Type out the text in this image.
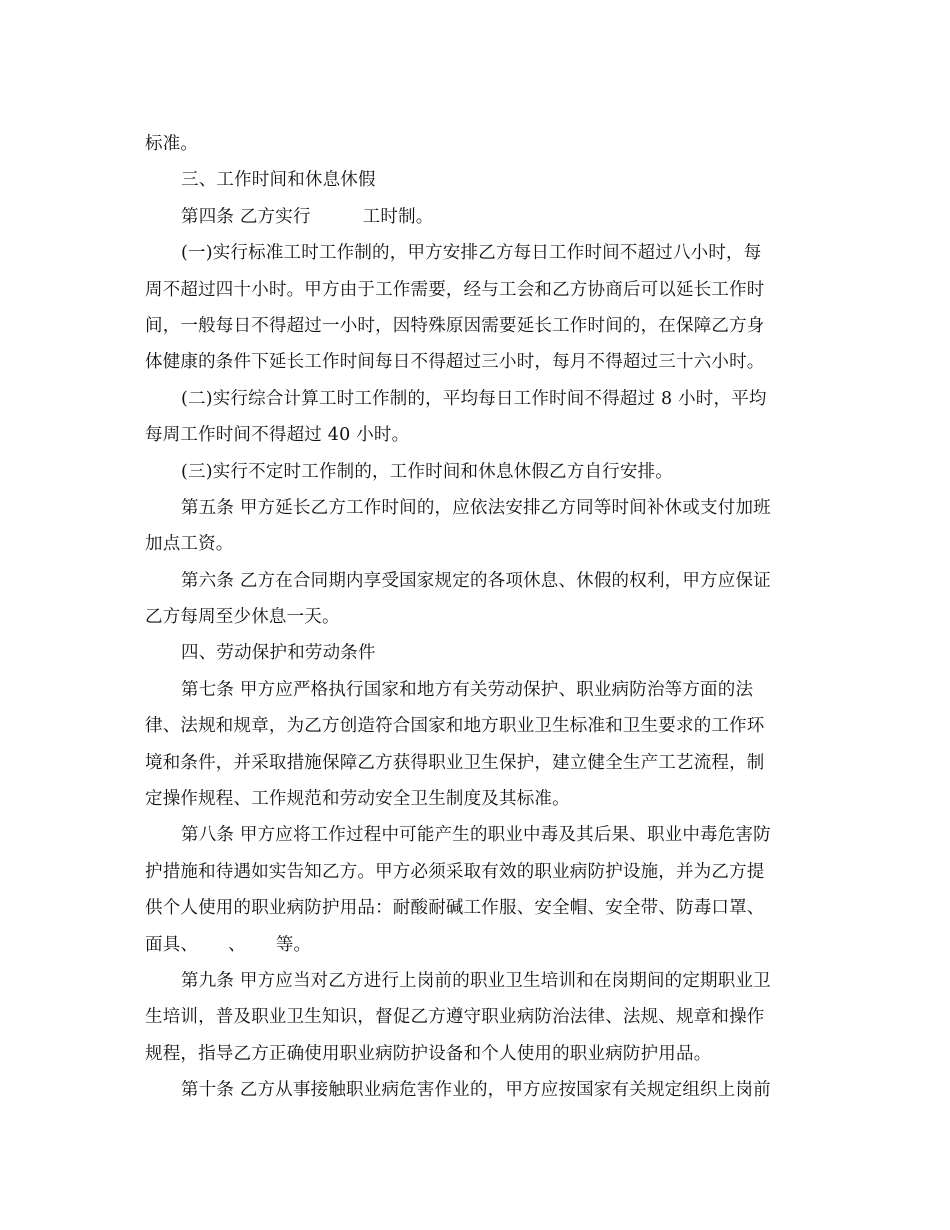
标准。
三、工作时间和休息休假
第四条 乙方实行	工时制。
(一)实行标准工时工作制的，甲方安排乙方每日工作时间不超过八小时，每
周不超过四十小时。甲方由于工作需要，经与工会和乙方协商后可以延长工作时
间，一般每日不得超过一小时，因特殊原因需要延长工作时间的，在保障乙方身
体健康的条件下延长工作时间每日不得超过三小时，每月不得超过三十六小时。
(二)实行综合计算工时工作制的，平均每日工作时间不得超过 8 小时，平均
每周工作时间不得超过 40 小时。
(三)实行不定时工作制的，工作时间和休息休假乙方自行安排。
第五条 甲方延长乙方工作时间的，应依法安排乙方同等时间补休或支付加班
加点工资。
第六条 乙方在合同期内享受国家规定的各项休息、休假的权利，甲方应保证
乙方每周至少休息一天。
四、劳动保护和劳动条件
第七条 甲方应严格执行国家和地方有关劳动保护、职业病防治等方面的法
律、法规和规章，为乙方创造符合国家和地方职业卫生标准和卫生要求的工作环
境和条件，并采取措施保障乙方获得职业卫生保护，建立健全生产工艺流程，制
定操作规程、工作规范和劳动安全卫生制度及其标准。
第八条 甲方应将工作过程中可能产生的职业中毒及其后果、职业中毒危害防
护措施和待遇如实告知乙方。甲方必须采取有效的职业病防护设施，并为乙方提
供个人使用的职业病防护用品：耐酸耐碱工作服、安全帽、安全带、防毒口罩、
面具、 、 等。
第九条 甲方应当对乙方进行上岗前的职业卫生培训和在岗期间的定期职业卫
生培训，普及职业卫生知识，督促乙方遵守职业病防治法律、法规、规章和操作
规程，指导乙方正确使用职业病防护设备和个人使用的职业病防护用品。
第十条 乙方从事接触职业病危害作业的，甲方应按国家有关规定组织上岗前
